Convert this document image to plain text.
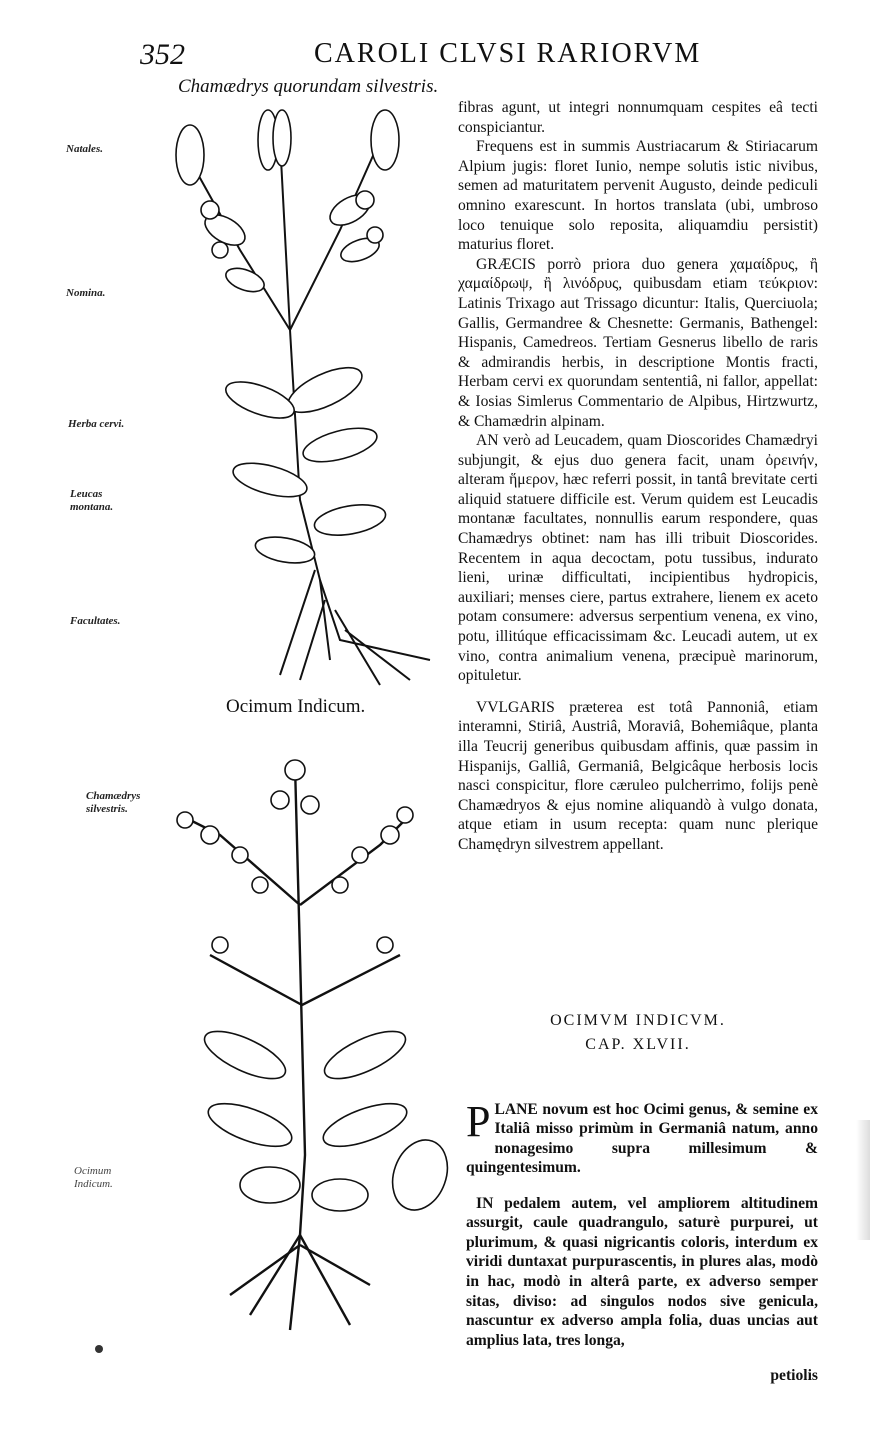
352	CAROLI CLVSI RARIORVM
Chamædrys quorundam silvestris.
Ocimum Indicum.
Natales.
Nomina.
Herba cervi.
Leucas montana.
Facultates.
Chamædrys silvestris.
Ocimum Indicum.

fibras agunt, ut integri nonnumquam cespites eâ tecti conspiciantur.

Frequens est in summis Austriacarum & Stiriacarum Alpium jugis: floret Iunio, nempe solutis istic nivibus, semen ad maturitatem pervenit Augusto, deinde pediculi omnino exarescunt. In hortos translata (ubi, umbroso loco tenuique solo reposita, aliquamdiu persistit) maturius floret.

GRÆCIS porrò priora duo genera χαμαίδρυς, ἢ χαμαίδρωψ, ἢ λινόδρυς, quibusdam etiam τεύκριον: Latinis Trixago aut Trissago dicuntur: Italis, Querciuola; Gallis, Germandree & Chesnette: Germanis, Bathengel: Hispanis, Camedreos. Tertiam Gesnerus libello de raris & admirandis herbis, in descriptione Montis fracti, Herbam cervi ex quorundam sententiâ, ni fallor, appellat: & Iosias Simlerus Commentario de Alpibus, Hirtzwurtz, & Chamædrin alpinam.

AN verò ad Leucadem, quam Dioscorides Chamædryi subjungit, & ejus duo genera facit, unam ὀρεινήν, alteram ἥμερον, hæc referri possit, in tantâ brevitate certi aliquid statuere difficile est. Verum quidem est Leucadis montanæ facultates, nonnullis earum respondere, quas Chamædrys obtinet: nam has illi tribuit Dioscorides. Recentem in aqua decoctam, potu tussibus, indurato lieni, urinæ difficultati, incipientibus hydropicis, auxiliari; menses ciere, partus extrahere, lienem ex aceto potam consumere: adversus serpentium venena, ex vino, potu, illitúque efficacissimam &c. Leucadi autem, ut ex vino, contra animalium venena, præcipuè marinorum, opituletur.

VVLGARIS præterea est totâ Pannoniâ, etiam interamni, Stiriâ, Austriâ, Moraviâ, Bohemiâque, planta illa Teucrij generibus quibusdam affinis, quæ passim in Hispanijs, Galliâ, Germaniâ, Belgicâque herbosis locis nasci conspicitur, flore cæruleo pulcherrimo, folijs penè Chamædryos & ejus nomine aliquandò à vulgo donata, atque etiam in usum recepta: quam nunc plerique Chamędryn silvestrem appellant.

OCIMVM INDICVM.
CAP. XLVII.

PLANE novum est hoc Ocimi genus, & semine ex Italiâ misso primùm in Germaniâ natum, anno nonagesimo supra millesimum & quingentesimum.

IN pedalem autem, vel ampliorem altitudinem assurgit, caule quadrangulo, saturè purpurei, ut plurimum, & quasi nigricantis coloris, interdum ex viridi duntaxat purpurascentis, in plures alas, modò in hac, modò in alterâ parte, ex adverso semper sitas, diviso: ad singulos nodos sive genicula, nascuntur ex adverso ampla folia, duas uncias aut amplius lata, tres longa,

petiolis
